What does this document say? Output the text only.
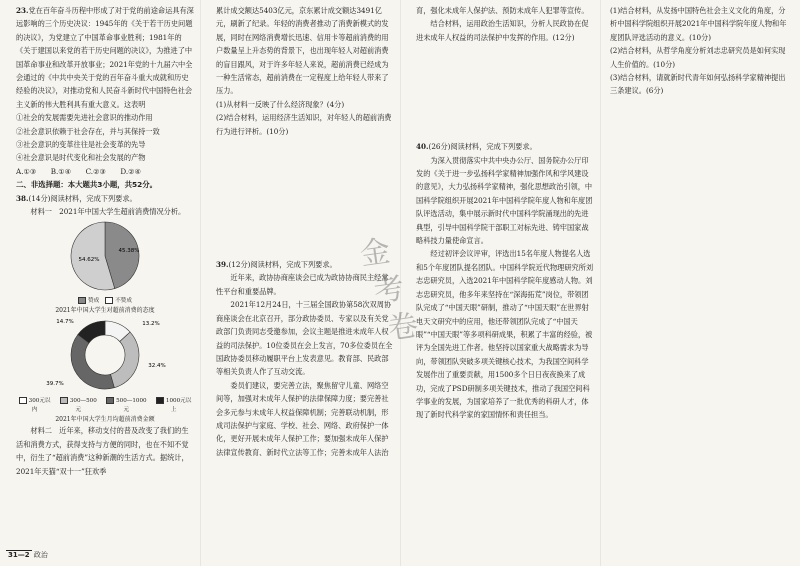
23.党在百年奋斗历程中形成了对于党的前途命运具有深远影响的三个历史决议：1945年的《关于若干历史问题的决议》，为党建立了中国革命事业胜利；1981年的《关于建国以来党的若干历史问题的决议》，为推进了中国革命事业和改革开放事业；2021年党的十九届六中全会通过的《中共中央关于党的百年奋斗重大成就和历史经验的决议》，对推动党和人民奋斗新时代中国特色社会主义新的伟大胜利具有重大意义。这表明

①社会的发展需要先进社会意识的推动作用

②社会意识依赖于社会存在，并与其保持一致

③社会意识的变革往往是社会变革的先导

④社会意识是时代变化和社会发展的产物

A.①③　　B.①④　　C.②③　　D.②④

二、非选择题：本大题共3小题，共52分。

38.(14分)阅读材料，完成下列要求。

材料一　2021年中国大学生超前消费情况分析。

45.38%
54.62%
赞成	不赞成
2021年中国大学生对超前消费的态度
14.7%	13.2%
32.4%
39.7%
300元以内
300—500元
500—1000元
1000元以上
2021年中国大学生月均超前消费金额

材料二　近年来，移动支付的普及改变了我们的生活和消费方式，获得支持与方便的同时，也在不知不觉中，衍生了“超前消费”这种新潮的生活方式。据统计，2021年天猫“双十一”狂欢季

累计成交额达5403亿元，京东累计成交额达3491亿元，刷新了纪录。年轻的消费者推动了消费新模式的发展，同时在网络消费增长迅速、信用卡等超前消费的用户数量呈上升态势的背景下，也出现年轻人对超前消费的盲目跟风，对于许多年轻人来说，超前消费已经成为一种生活常态，超前消费在一定程度上给年轻人带来了压力。

(1)从材料一反映了什么经济现象？(4分)

(2)结合材料，运用经济生活知识，对年轻人的超前消费行为进行评析。(10分)

39.(12分)阅读材料，完成下列要求。

近年来，政协协商座谈会已成为政协协商民主经常性平台和重要品牌。

2021年12月24日，十三届全国政协第58次双周协商座谈会在北京召开，部分政协委员、专家以及有关党政部门负责同志受邀参加，会议主题是推进未成年人权益的司法保护。10位委员在会上发言，70多位委员在全国政协委员移动履职平台上发表意见。教育部、民政部等相关负责人作了互动交流。

委员们建议，要完善立法，聚焦留守儿童、网络空间等，加强对未成年人保护的法律保障力度；要完善社会多元参与未成年人权益保障机制；完善联动机制，形成司法保护与家庭、学校、社会、网络、政府保护一体化，更好开展未成年人保护工作；要加强未成年人保护法律宣传教育、新时代立法等工作；完善未成年人法治

育，强化未成年人保护法、预防未成年人犯罪等宣传。

结合材料，运用政治生活知识，分析人民政协在促进未成年人权益的司法保护中发挥的作用。(12分)

40.(26分)阅读材料，完成下列要求。

为深入贯彻落实中共中央办公厅、国务院办公厅印发的《关于进一步弘扬科学家精神加强作风和学风建设的意见》，大力弘扬科学家精神，强化思想政治引领，中国科学院组织开展2021年中国科学院年度人物和年度团队评选活动，集中展示新时代中国科学院涌现出的先进典型，引导中国科学院干部职工对标先进、铸牢国家战略科技力量使命宣言。

经过初评会议评审，评选出15名年度人物提名人选和5个年度团队提名团队。中国科学院近代物理研究所刘志忠研究员，入选2021年中国科学院年度感动人物。刘志忠研究员，他多年来坚持在“深海拓荒”岗位，带领团队完成了“中国天眼”研制，推动了“中国天眼”在世界射电天文研究中的应用，他还带领团队完成了“中国天眼”“中国天眼”等多项科研成果，积累了丰富的经验，被评为全国先进工作者。他坚持以国家重大战略需求为导向，带领团队突破多项关键核心技术，为我国空间科学发展作出了重要贡献，用1500多个日日夜夜换来了成功，完成了PSD研制多项关键技术，推动了我国空间科学事业的发展，为国家培养了一批优秀的科研人才，体现了新时代科学家的家国情怀和责任担当。

(1)结合材料，从发扬中国特色社会主义文化的角度，分析中国科学院组织开展2021年中国科学院年度人物和年度团队评选活动的意义。(10分)

(2)结合材料，从哲学角度分析刘志忠研究员是如何实现人生价值的。(10分)

(3)结合材料，请就新时代青年如何弘扬科学家精神提出三条建议。(6分)

金
考
卷
31—2 政治
